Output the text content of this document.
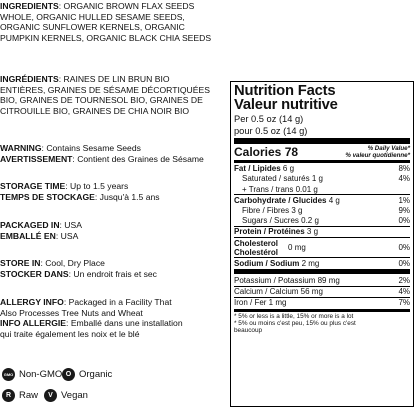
INGREDIENTS: ORGANIC BROWN FLAX SEEDS
WHOLE, ORGANIC HULLED SESAME SEEDS,
ORGANIC SUNFLOWER KERNELS, ORGANIC
PUMPKIN KERNELS, ORGANIC BLACK CHIA SEEDS
INGRÉDIENTS: RAINES DE LIN BRUN BIO
ENTIÈRES, GRAINES DE SÉSAME DÉCORTIQUÉES
BIO, GRAINES DE TOURNESOL BIO, GRAINES DE
CITROUILLE BIO, GRAINES DE CHIA NOIR BIO
WARNING: Contains Sesame Seeds
AVERTISSEMENT: Contient des Graines de Sésame
STORAGE TIME: Up to 1.5 years
TEMPS DE STOCKAGE: Jusqu'à 1.5 ans
PACKAGED IN: USA
EMBALLÉ EN: USA
STORE IN: Cool, Dry Place
STOCKER DANS: Un endroit frais et sec
ALLERGY INFO: Packaged in a Facility That
Also Processes Tree Nuts and Wheat
INFO ALLERGIE: Emballé dans une installation
qui traite également les noix et le blé
GMO Non-GMO O Organic
R Raw	V Vegan
Nutrition Facts
Valeur nutritive
Per 0.5 oz (14 g)
pour 0.5 oz (14 g)
Calories 78	% Daily Value*
% valeur quotidienne*
Fat / Lipides 6 g	8%
Saturated / saturés 1 g	4%
+ Trans / trans 0.01 g
Carbohydrate / Glucides 4 g	1%
Fibre / Fibres 3 g	9%
Sugars / Sucres 0.2 g	0%
Protein / Protéines 3 g
Cholesterol
Cholestérol
0 mg	0%
Sodium / Sodium 2 mg	0%
Potassium / Potassium 89 mg	2%
Calcium / Calcium 56 mg	4%
Iron / Fer 1 mg	7%
* 5% or less is a little, 15% or more is a lot
* 5% ou moins c'est peu, 15% ou plus c'est
beaucoup
